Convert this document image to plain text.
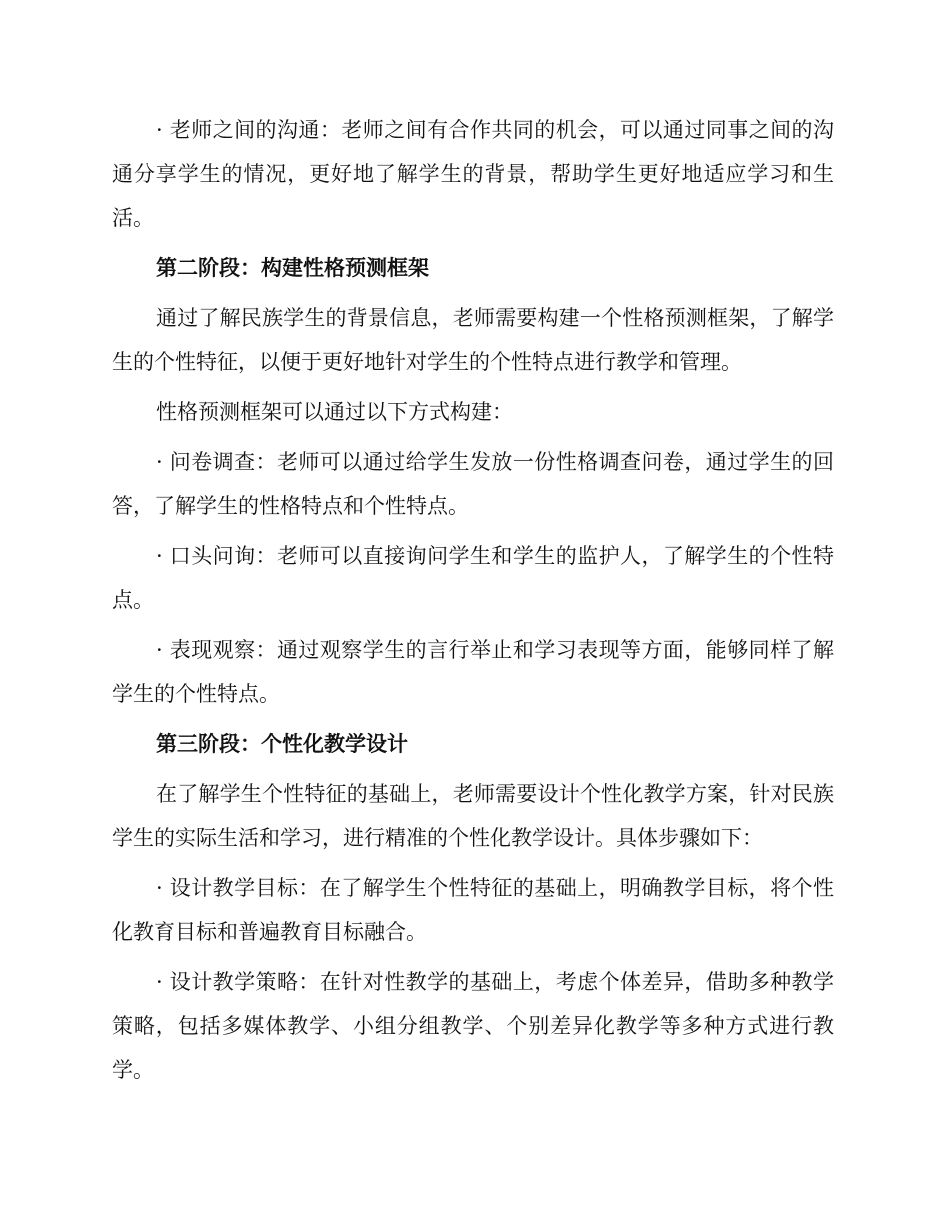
· 老师之间的沟通：老师之间有合作共同的机会，可以通过同事之间的沟通分享学生的情况，更好地了解学生的背景，帮助学生更好地适应学习和生活。

第二阶段：构建性格预测框架

通过了解民族学生的背景信息，老师需要构建一个性格预测框架，了解学生的个性特征，以便于更好地针对学生的个性特点进行教学和管理。

性格预测框架可以通过以下方式构建：

· 问卷调查：老师可以通过给学生发放一份性格调查问卷，通过学生的回答，了解学生的性格特点和个性特点。

· 口头问询：老师可以直接询问学生和学生的监护人，了解学生的个性特点。

· 表现观察：通过观察学生的言行举止和学习表现等方面，能够同样了解学生的个性特点。

第三阶段：个性化教学设计

在了解学生个性特征的基础上，老师需要设计个性化教学方案，针对民族学生的实际生活和学习，进行精准的个性化教学设计。具体步骤如下：

· 设计教学目标：在了解学生个性特征的基础上，明确教学目标，将个性化教育目标和普遍教育目标融合。

· 设计教学策略：在针对性教学的基础上，考虑个体差异，借助多种教学策略，包括多媒体教学、小组分组教学、个别差异化教学等多种方式进行教学。
